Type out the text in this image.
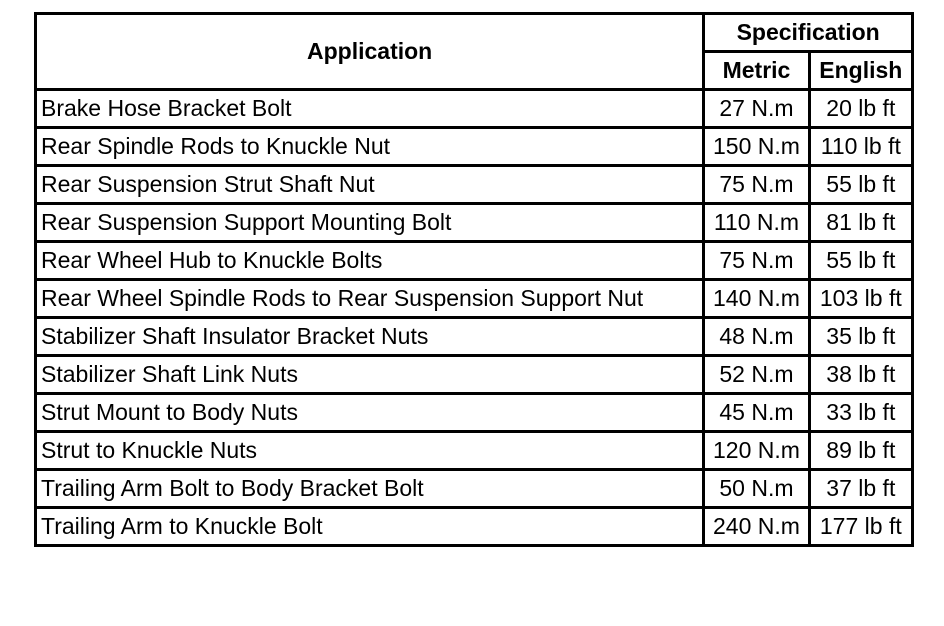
Application	Specification	
	Metric	English
Brake Hose Bracket Bolt	27 N.m	20 lb ft
Rear Spindle Rods to Knuckle Nut	150 N.m	110 lb ft
Rear Suspension Strut Shaft Nut	75 N.m	55 lb ft
Rear Suspension Support Mounting Bolt	110 N.m	81 lb ft
Rear Wheel Hub to Knuckle Bolts	75 N.m	55 lb ft
Rear Wheel Spindle Rods to Rear Suspension Support Nut	140 N.m	103 lb ft
Stabilizer Shaft Insulator Bracket Nuts	48 N.m	35 lb ft
Stabilizer Shaft Link Nuts	52 N.m	38 lb ft
Strut Mount to Body Nuts	45 N.m	33 lb ft
Strut to Knuckle Nuts	120 N.m	89 lb ft
Trailing Arm Bolt to Body Bracket Bolt	50 N.m	37 lb ft
Trailing Arm to Knuckle Bolt	240 N.m	177 lb ft
